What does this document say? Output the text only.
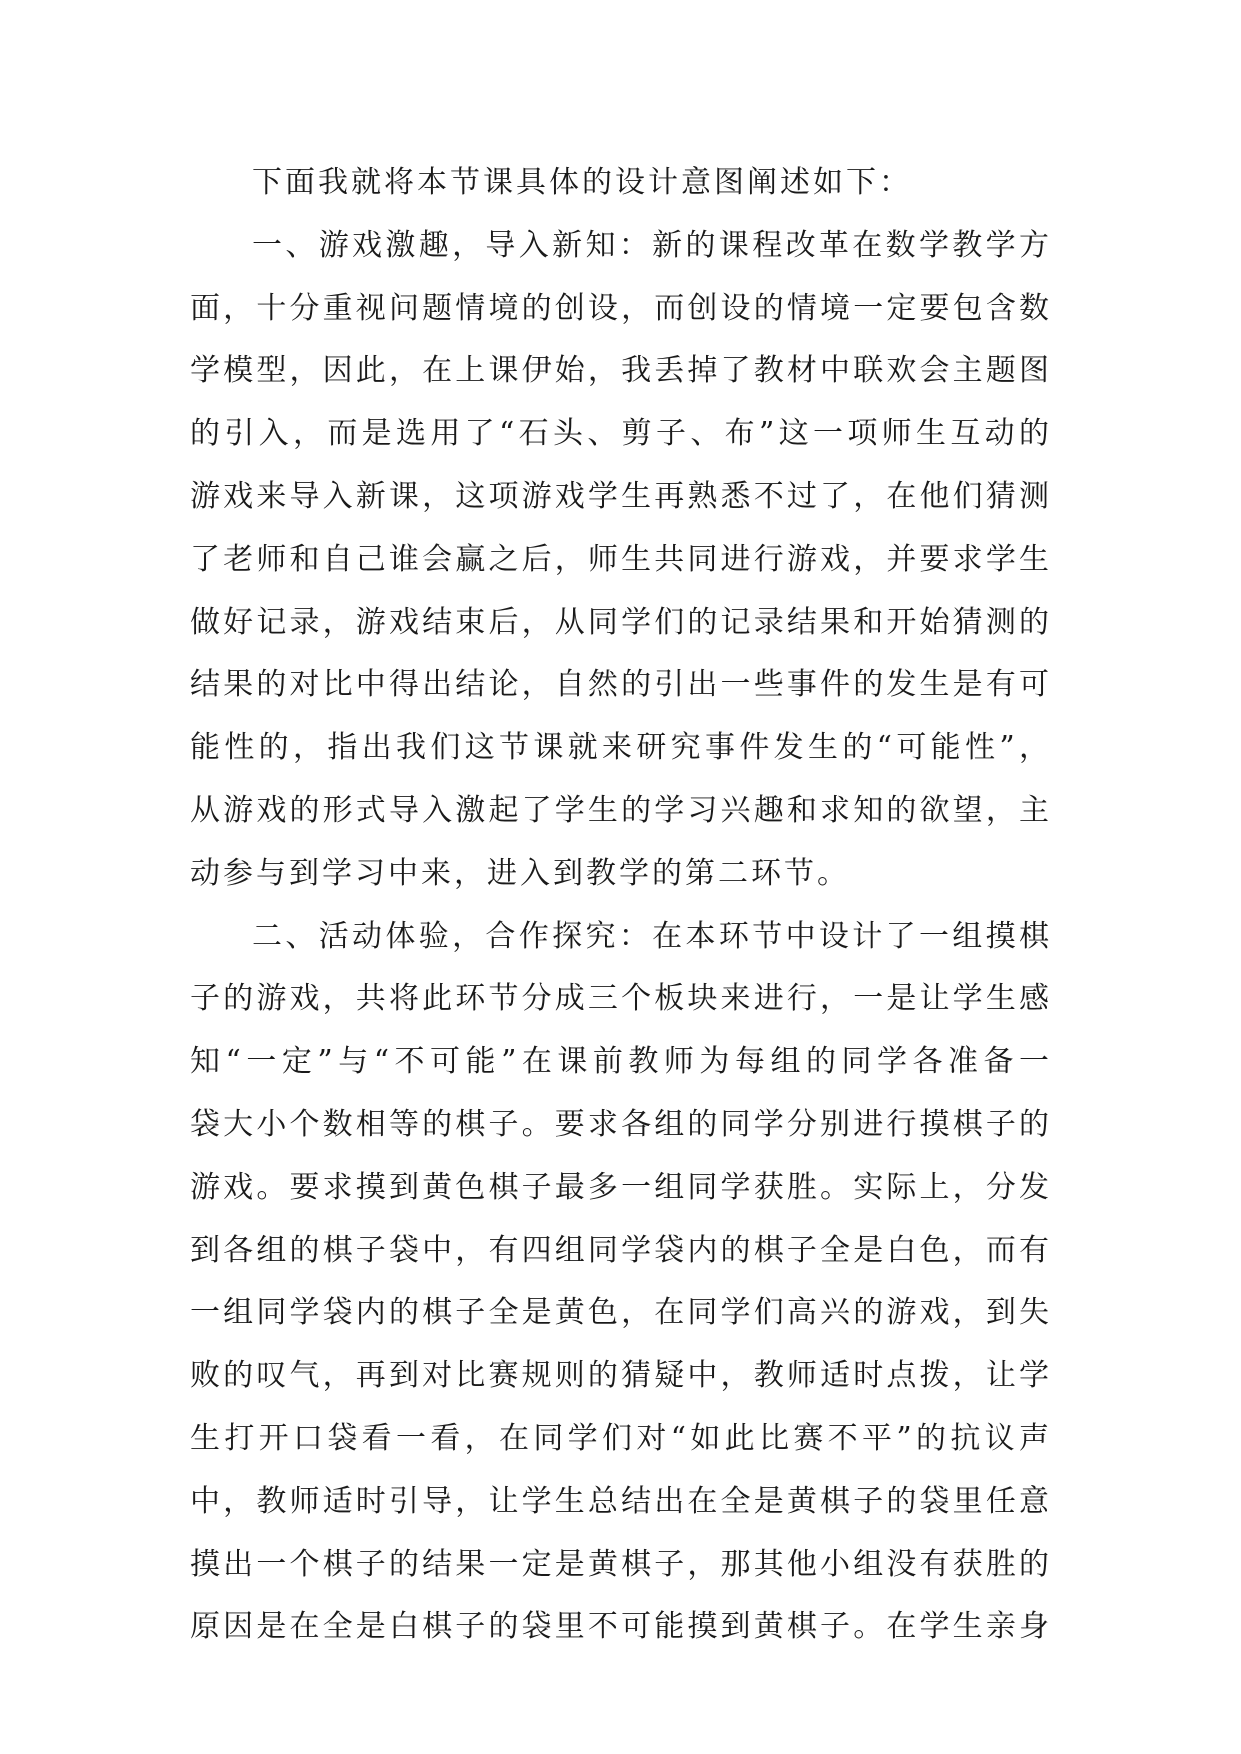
下面我就将本节课具体的设计意图阐述如下：
一、游戏激趣，导入新知：新的课程改革在数学教学方
面，十分重视问题情境的创设，而创设的情境一定要包含数
学模型，因此，在上课伊始，我丢掉了教材中联欢会主题图
的引入，而是选用了“石头、剪子、布”这一项师生互动的
游戏来导入新课，这项游戏学生再熟悉不过了，在他们猜测
了老师和自己谁会赢之后，师生共同进行游戏，并要求学生
做好记录，游戏结束后，从同学们的记录结果和开始猜测的
结果的对比中得出结论，自然的引出一些事件的发生是有可
能性的，指出我们这节课就来研究事件发生的“可能性”，
从游戏的形式导入激起了学生的学习兴趣和求知的欲望，主
动参与到学习中来，进入到教学的第二环节。
二、活动体验，合作探究：在本环节中设计了一组摸棋
子的游戏，共将此环节分成三个板块来进行，一是让学生感
知“一定”与“不可能”在课前教师为每组的同学各准备一
袋大小个数相等的棋子。要求各组的同学分别进行摸棋子的
游戏。要求摸到黄色棋子最多一组同学获胜。实际上，分发
到各组的棋子袋中，有四组同学袋内的棋子全是白色，而有
一组同学袋内的棋子全是黄色，在同学们高兴的游戏，到失
败的叹气，再到对比赛规则的猜疑中，教师适时点拨，让学
生打开口袋看一看，在同学们对“如此比赛不平”的抗议声
中，教师适时引导，让学生总结出在全是黄棋子的袋里任意
摸出一个棋子的结果一定是黄棋子，那其他小组没有获胜的
原因是在全是白棋子的袋里不可能摸到黄棋子。在学生亲身
